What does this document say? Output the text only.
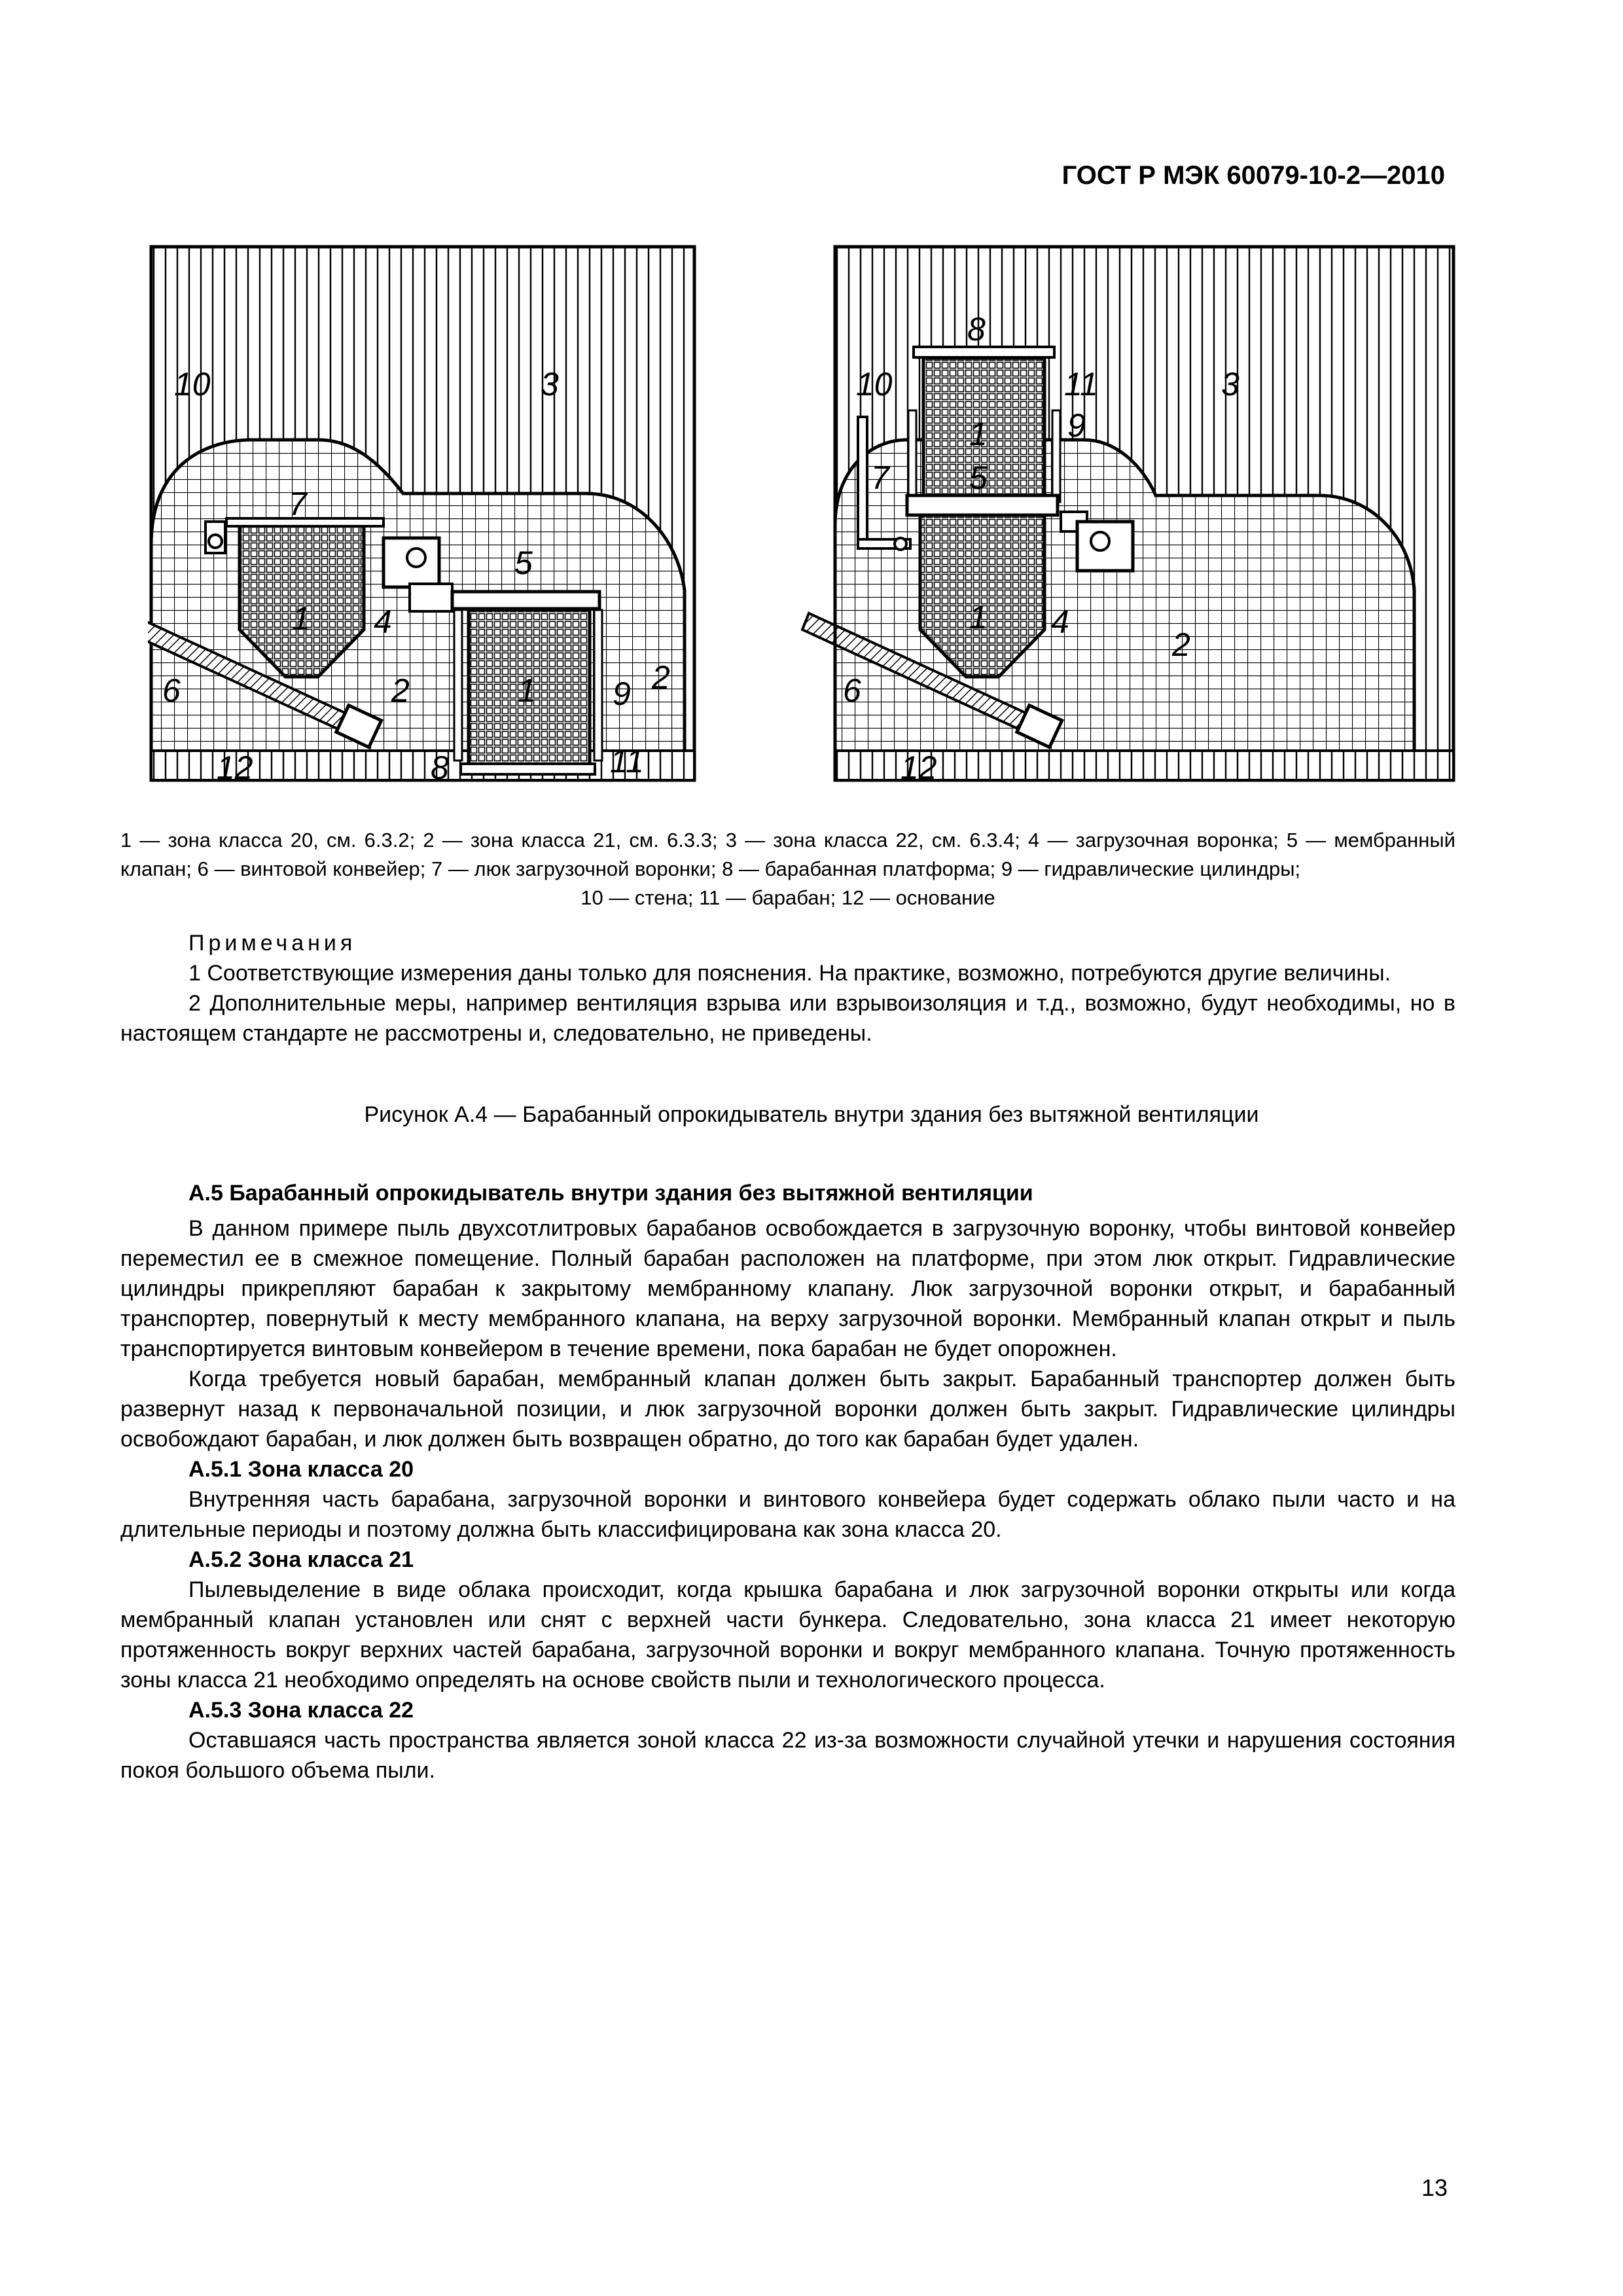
ГОСТ Р МЭК 60079-10-2—2010
10	3
7
5
1 4
1
6	2	9 2
12	8	11
8
10	11	3
1 9
7 5
1 4
2
6
12
1 — зона класса 20, см. 6.3.2; 2 — зона класса 21, см. 6.3.3; 3 — зона класса 22, см. 6.3.4; 4 — загрузочная воронка; 5 — мембранный клапан; 6 — винтовой конвейер; 7 — люк загрузочной воронки; 8 — барабанная платформа; 9 — гидравлические цилиндры;
10 — стена; 11 — барабан; 12 — основание
Примечания

1 Соответствующие измерения даны только для пояснения. На практике, возможно, потребуются другие величины.

2 Дополнительные меры, например вентиляция взрыва или взрывоизоляция и т.д., возможно, будут необходимы, но в настоящем стандарте не рассмотрены и, следовательно, не приведены.

Рисунок А.4 — Барабанный опрокидыватель внутри здания без вытяжной вентиляции
А.5 Барабанный опрокидыватель внутри здания без вытяжной вентиляции

В данном примере пыль двухсотлитровых барабанов освобождается в загрузочную воронку, чтобы винтовой конвейер переместил ее в смежное помещение. Полный барабан расположен на платформе, при этом люк открыт. Гидравлические цилиндры прикрепляют барабан к закрытому мембранному клапану. Люк загрузочной воронки открыт, и барабанный транспортер, повернутый к месту мембранного клапана, на верху загрузочной воронки. Мембранный клапан открыт и пыль транспортируется винтовым конвейером в течение времени, пока барабан не будет опорожнен.

Когда требуется новый барабан, мембранный клапан должен быть закрыт. Барабанный транспортер должен быть развернут назад к первоначальной позиции, и люк загрузочной воронки должен быть закрыт. Гидравлические цилиндры освобождают барабан, и люк должен быть возвращен обратно, до того как барабан будет удален.

А.5.1 Зона класса 20

Внутренняя часть барабана, загрузочной воронки и винтового конвейера будет содержать облако пыли часто и на длительные периоды и поэтому должна быть классифицирована как зона класса 20.

А.5.2 Зона класса 21

Пылевыделение в виде облака происходит, когда крышка барабана и люк загрузочной воронки открыты или когда мембранный клапан установлен или снят с верхней части бункера. Следовательно, зона класса 21 имеет некоторую протяженность вокруг верхних частей барабана, загрузочной воронки и вокруг мембранного клапана. Точную протяженность зоны класса 21 необходимо определять на основе свойств пыли и технологического процесса.

А.5.3 Зона класса 22

Оставшаяся часть пространства является зоной класса 22 из-за возможности случайной утечки и нарушения состояния покоя большого объема пыли.

13
